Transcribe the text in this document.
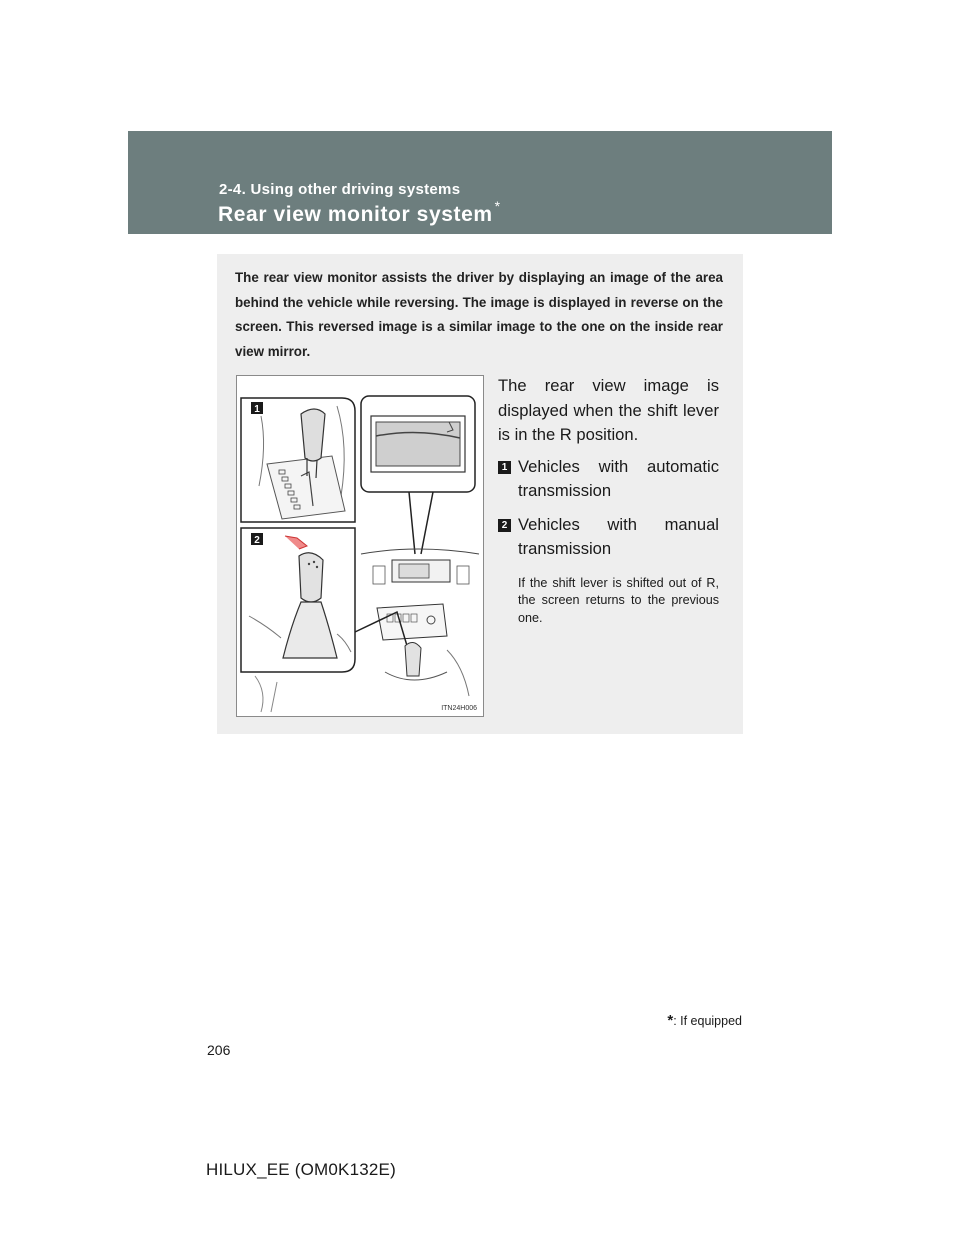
2-4. Using other driving systems
Rear view monitor system *
The rear view monitor assists the driver by displaying an image of the area behind the vehicle while reversing. The image is displayed in reverse on the screen. This reversed image is a similar image to the one on the inside rear view mirror.
1
2
ITN24H006

The rear view image is displayed when the shift lever is in the R position.

1 Vehicles with automatic transmission
2 Vehicles with manual transmission
If the shift lever is shifted out of R, the screen returns to the previous one.
*: If equipped
206
HILUX_EE (OM0K132E)
